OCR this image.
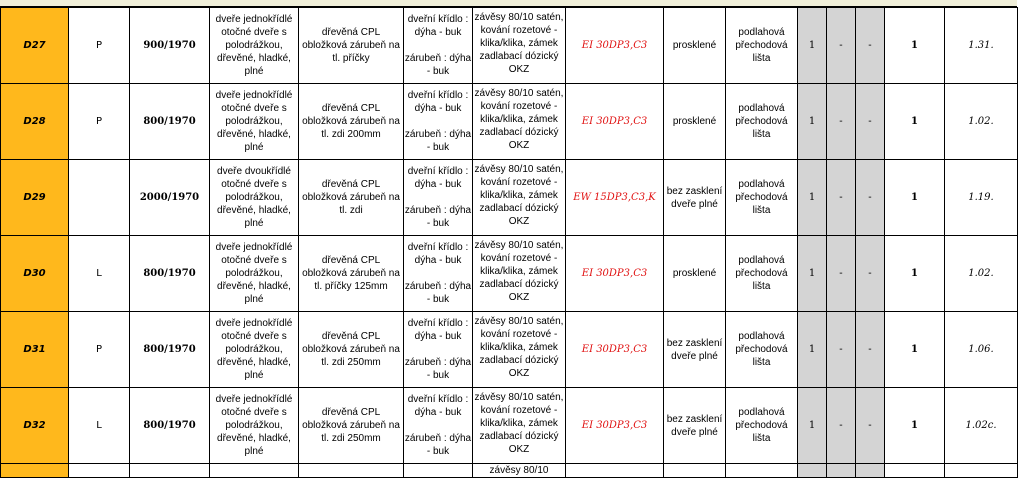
D27	P	900/1970	dveře jednokřídlé otočné dveře s polodrážkou, dřevěné, hladké, plné	dřevěná CPL obložková zárubeň na tl. příčky	dveřní křídlo : dýha - buk

zárubeň : dýha - buk	závěsy 80/10 satén, kování rozetové - klika/klika, zámek zadlabací dózický OKZ	EI 30DP3,C3	prosklené	podlahová přechodová lišta	1	-	-	1	1.31.
D28	P	800/1970	dveře jednokřídlé otočné dveře s polodrážkou, dřevěné, hladké, plné	dřevěná CPL obložková zárubeň na tl. zdi 200mm	dveřní křídlo : dýha - buk

zárubeň : dýha - buk	závěsy 80/10 satén, kování rozetové - klika/klika, zámek zadlabací dózický OKZ	EI 30DP3,C3	prosklené	podlahová přechodová lišta	1	-	-	1	1.02.
D29		2000/1970	dveře dvoukřídlé otočné dveře s polodrážkou, dřevěné, hladké, plné	dřevěná CPL obložková zárubeň na tl. zdi	dveřní křídlo : dýha - buk

zárubeň : dýha - buk	závěsy 80/10 satén, kování rozetové - klika/klika, zámek zadlabací dózický OKZ	EW 15DP3,C3,K	bez zasklení dveře plné	podlahová přechodová lišta	1	-	-	1	1.19.
D30	L	800/1970	dveře jednokřídlé otočné dveře s polodrážkou, dřevěné, hladké, plné	dřevěná CPL obložková zárubeň na tl. příčky 125mm	dveřní křídlo : dýha - buk

zárubeň : dýha - buk	závěsy 80/10 satén, kování rozetové - klika/klika, zámek zadlabací dózický OKZ	EI 30DP3,C3	prosklené	podlahová přechodová lišta	1	-	-	1	1.02.
D31	P	800/1970	dveře jednokřídlé otočné dveře s polodrážkou, dřevěné, hladké, plné	dřevěná CPL obložková zárubeň na tl. zdi 250mm	dveřní křídlo : dýha - buk

zárubeň : dýha - buk	závěsy 80/10 satén, kování rozetové - klika/klika, zámek zadlabací dózický OKZ	EI 30DP3,C3	bez zasklení dveře plné	podlahová přechodová lišta	1	-	-	1	1.06.
D32	L	800/1970	dveře jednokřídlé otočné dveře s polodrážkou, dřevěné, hladké, plné	dřevěná CPL obložková zárubeň na tl. zdi 250mm	dveřní křídlo : dýha - buk

zárubeň : dýha - buk	závěsy 80/10 satén, kování rozetové - klika/klika, zámek zadlabací dózický OKZ	EI 30DP3,C3	bez zasklení dveře plné	podlahová přechodová lišta	1	-	-	1	1.02c.
						závěsy 80/10								
